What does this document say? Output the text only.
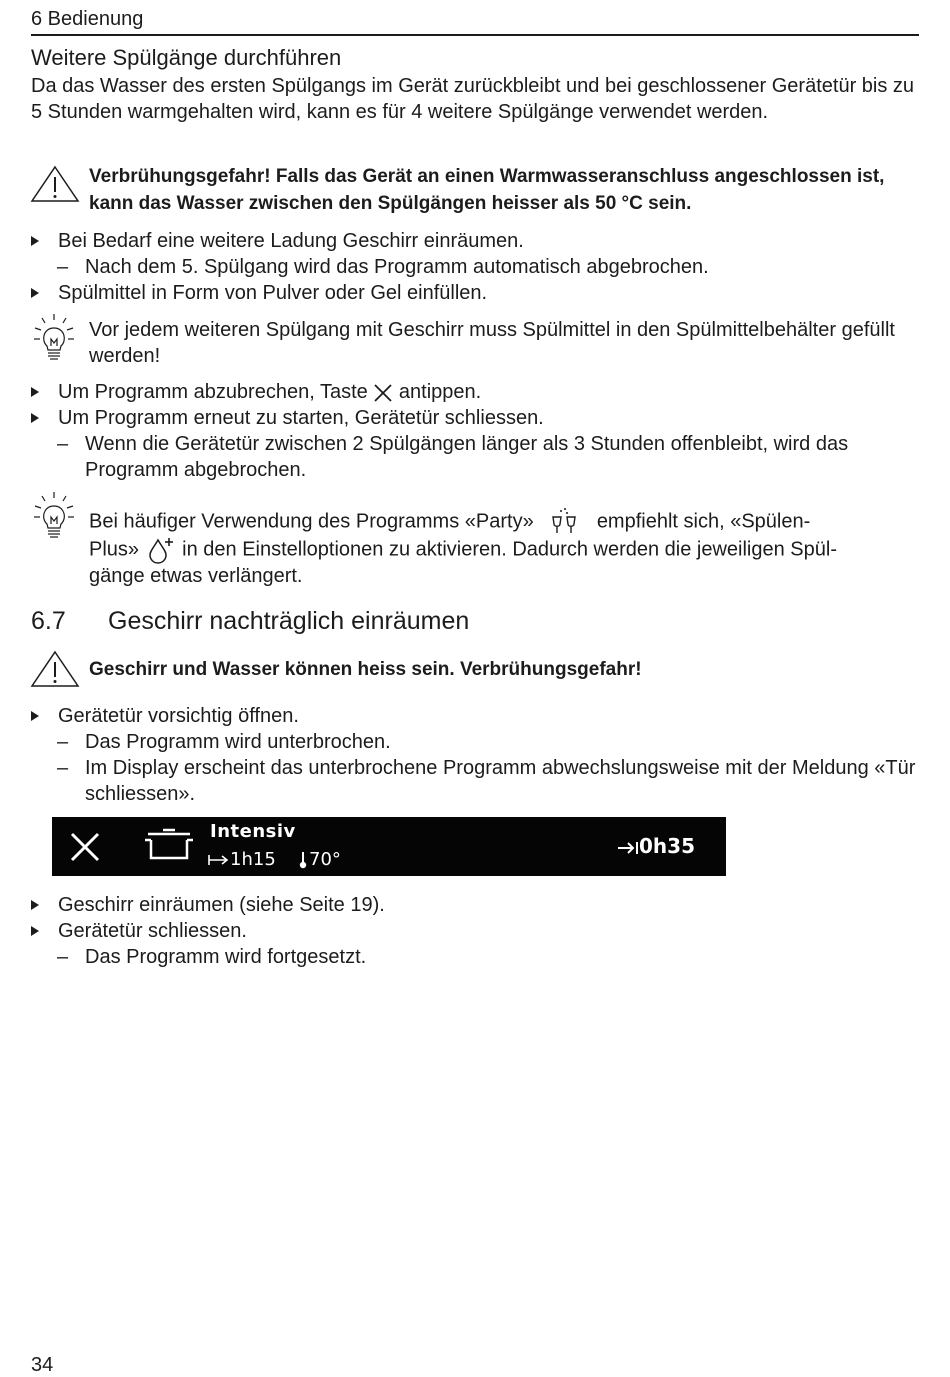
6 Bedienung
Weitere Spülgänge durchführen
Da das Wasser des ersten Spülgangs im Gerät zurückbleibt und bei geschlossener Gerätetür bis zu 5 Stunden warmgehalten wird, kann es für 4 weitere Spülgänge verwendet werden.
Verbrühungsgefahr! Falls das Gerät an einen Warmwasseranschluss angeschlossen ist, kann das Wasser zwischen den Spülgängen heisser als 50 °C sein.
Bei Bedarf eine weitere Ladung Geschirr einräumen.
– Nach dem 5. Spülgang wird das Programm automatisch abgebrochen.
Spülmittel in Form von Pulver oder Gel einfüllen.
Vor jedem weiteren Spülgang mit Geschirr muss Spülmittel in den Spülmittelbehälter gefüllt werden!
Um Programm abzubrechen, Taste antippen.
Um Programm erneut zu starten, Gerätetür schliessen.
– Wenn die Gerätetür zwischen 2 Spülgängen länger als 3 Stunden offenbleibt, wird das Programm abgebrochen.
Bei häufiger Verwendung des Programms «Party»	empfiehlt sich, «Spülen-
Plus» in den Einstelloptionen zu aktivieren. Dadurch werden die jeweiligen Spül-
gänge etwas verlängert.
6.7 Geschirr nachträglich einräumen
Geschirr und Wasser können heiss sein. Verbrühungsgefahr!
Gerätetür vorsichtig öffnen.
– Das Programm wird unterbrochen.
– Im Display erscheint das unterbrochene Programm abwechslungsweise mit der Meldung «Tür schliessen».
Intensiv
1h15	70°
0h35
Geschirr einräumen (siehe Seite 19).
Gerätetür schliessen.
– Das Programm wird fortgesetzt.
34
